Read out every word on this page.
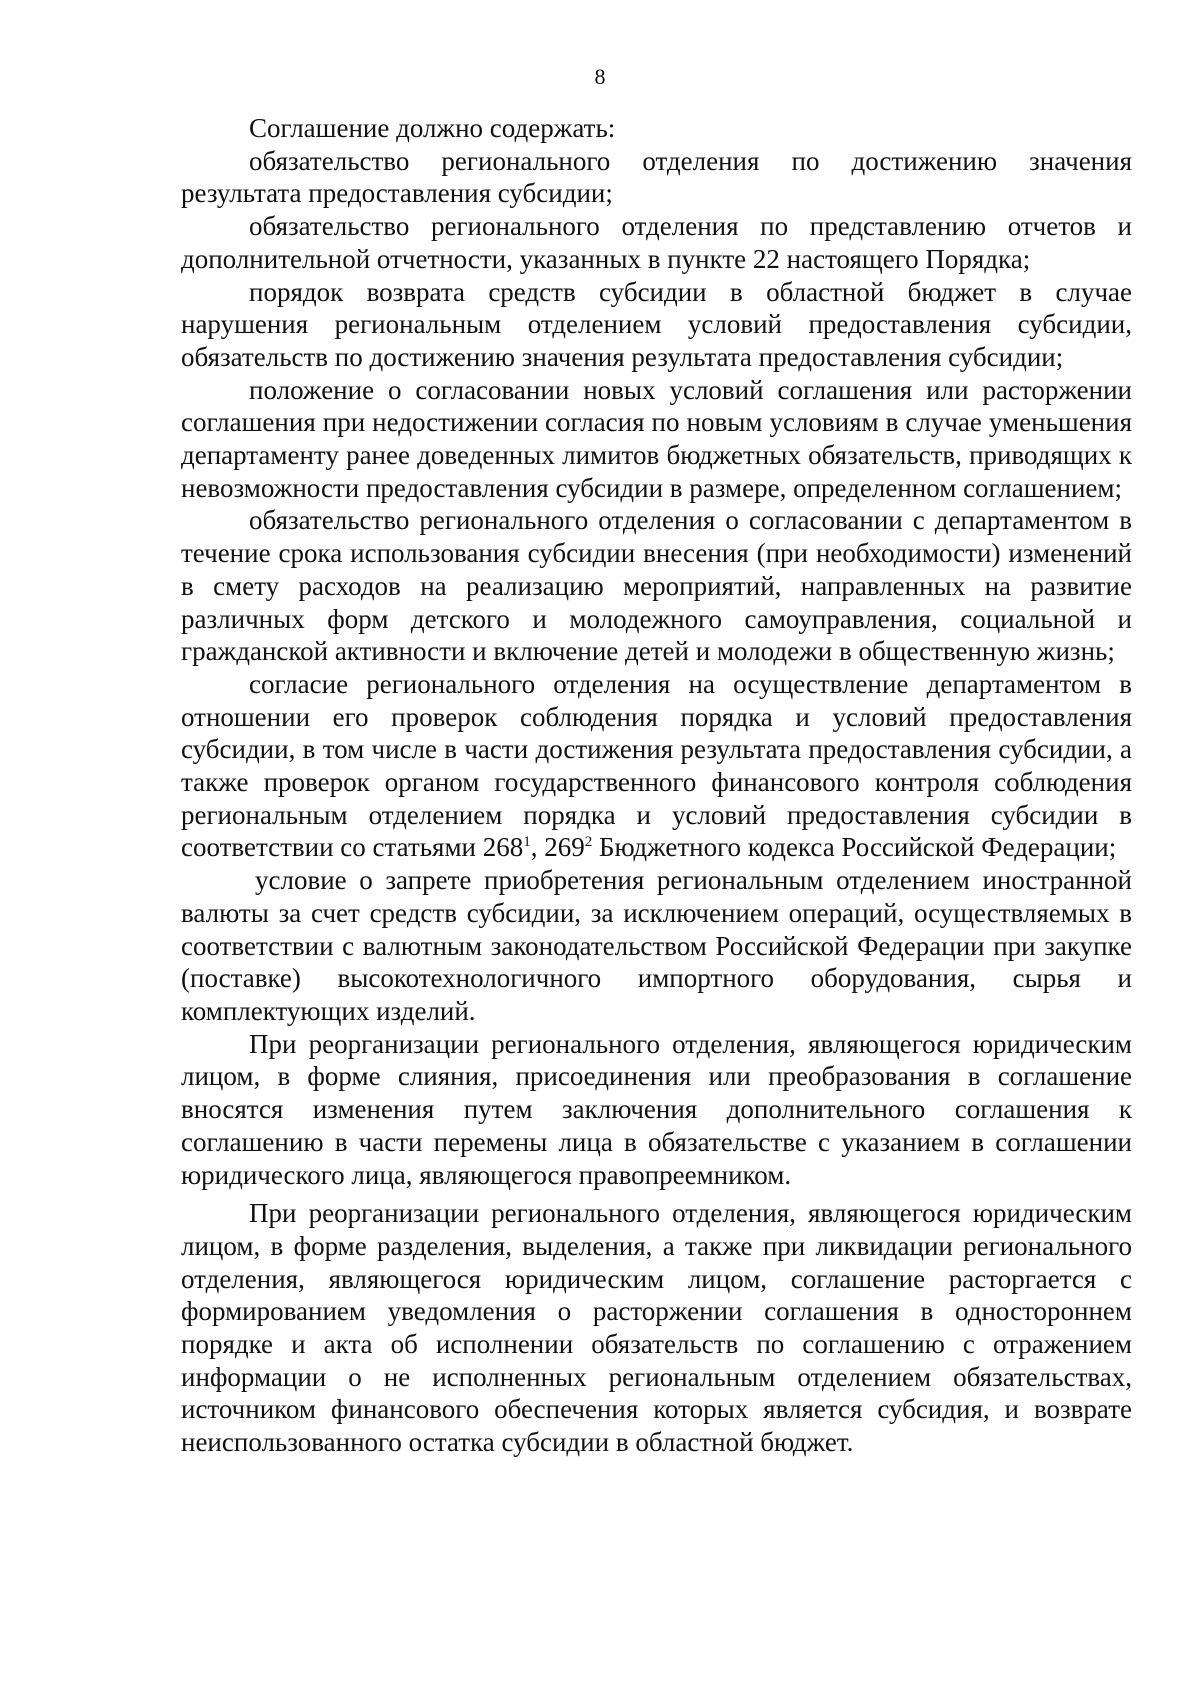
8

Соглашение должно содержать:

обязательство регионального отделения по достижению значения результата предоставления субсидии;

обязательство регионального отделения по представлению отчетов и дополнительной отчетности, указанных в пункте 22 настоящего Порядка;

порядок возврата средств субсидии в областной бюджет в случае нарушения региональным отделением условий предоставления субсидии, обязательств по достижению значения результата предоставления субсидии;

положение о согласовании новых условий соглашения или расторжении соглашения при недостижении согласия по новым условиям в случае уменьшения департаменту ранее доведенных лимитов бюджетных обязательств, приводящих к невозможности предоставления субсидии в размере, определенном соглашением;

обязательство регионального отделения о согласовании с департаментом в течение срока использования субсидии внесения (при необходимости) изменений в смету расходов на реализацию мероприятий, направленных на развитие различных форм детского и молодежного самоуправления, социальной и гражданской активности и включение детей и молодежи в общественную жизнь;

согласие регионального отделения на осуществление департаментом в отношении его проверок соблюдения порядка и условий предоставления субсидии, в том числе в части достижения результата предоставления субсидии, а также проверок органом государственного финансового контроля соблюдения региональным отделением порядка и условий предоставления субсидии в соответствии со статьями $268^1$, $269^2$ Бюджетного кодекса Российской Федерации;

условие о запрете приобретения региональным отделением иностранной валюты за счет средств субсидии, за исключением операций, осуществляемых в соответствии с валютным законодательством Российской Федерации при закупке (поставке) высокотехнологичного импортного оборудования, сырья и комплектующих изделий.

При реорганизации регионального отделения, являющегося юридическим лицом, в форме слияния, присоединения или преобразования в соглашение вносятся изменения путем заключения дополнительного соглашения к соглашению в части перемены лица в обязательстве с указанием в соглашении юридического лица, являющегося правопреемником.

При реорганизации регионального отделения, являющегося юридическим лицом, в форме разделения, выделения, а также при ликвидации регионального отделения, являющегося юридическим лицом, соглашение расторгается с формированием уведомления о расторжении соглашения в одностороннем порядке и акта об исполнении обязательств по соглашению с отражением информации о не исполненных региональным отделением обязательствах, источником финансового обеспечения которых является субсидия, и возврате неиспользованного остатка субсидии в областной бюджет.
